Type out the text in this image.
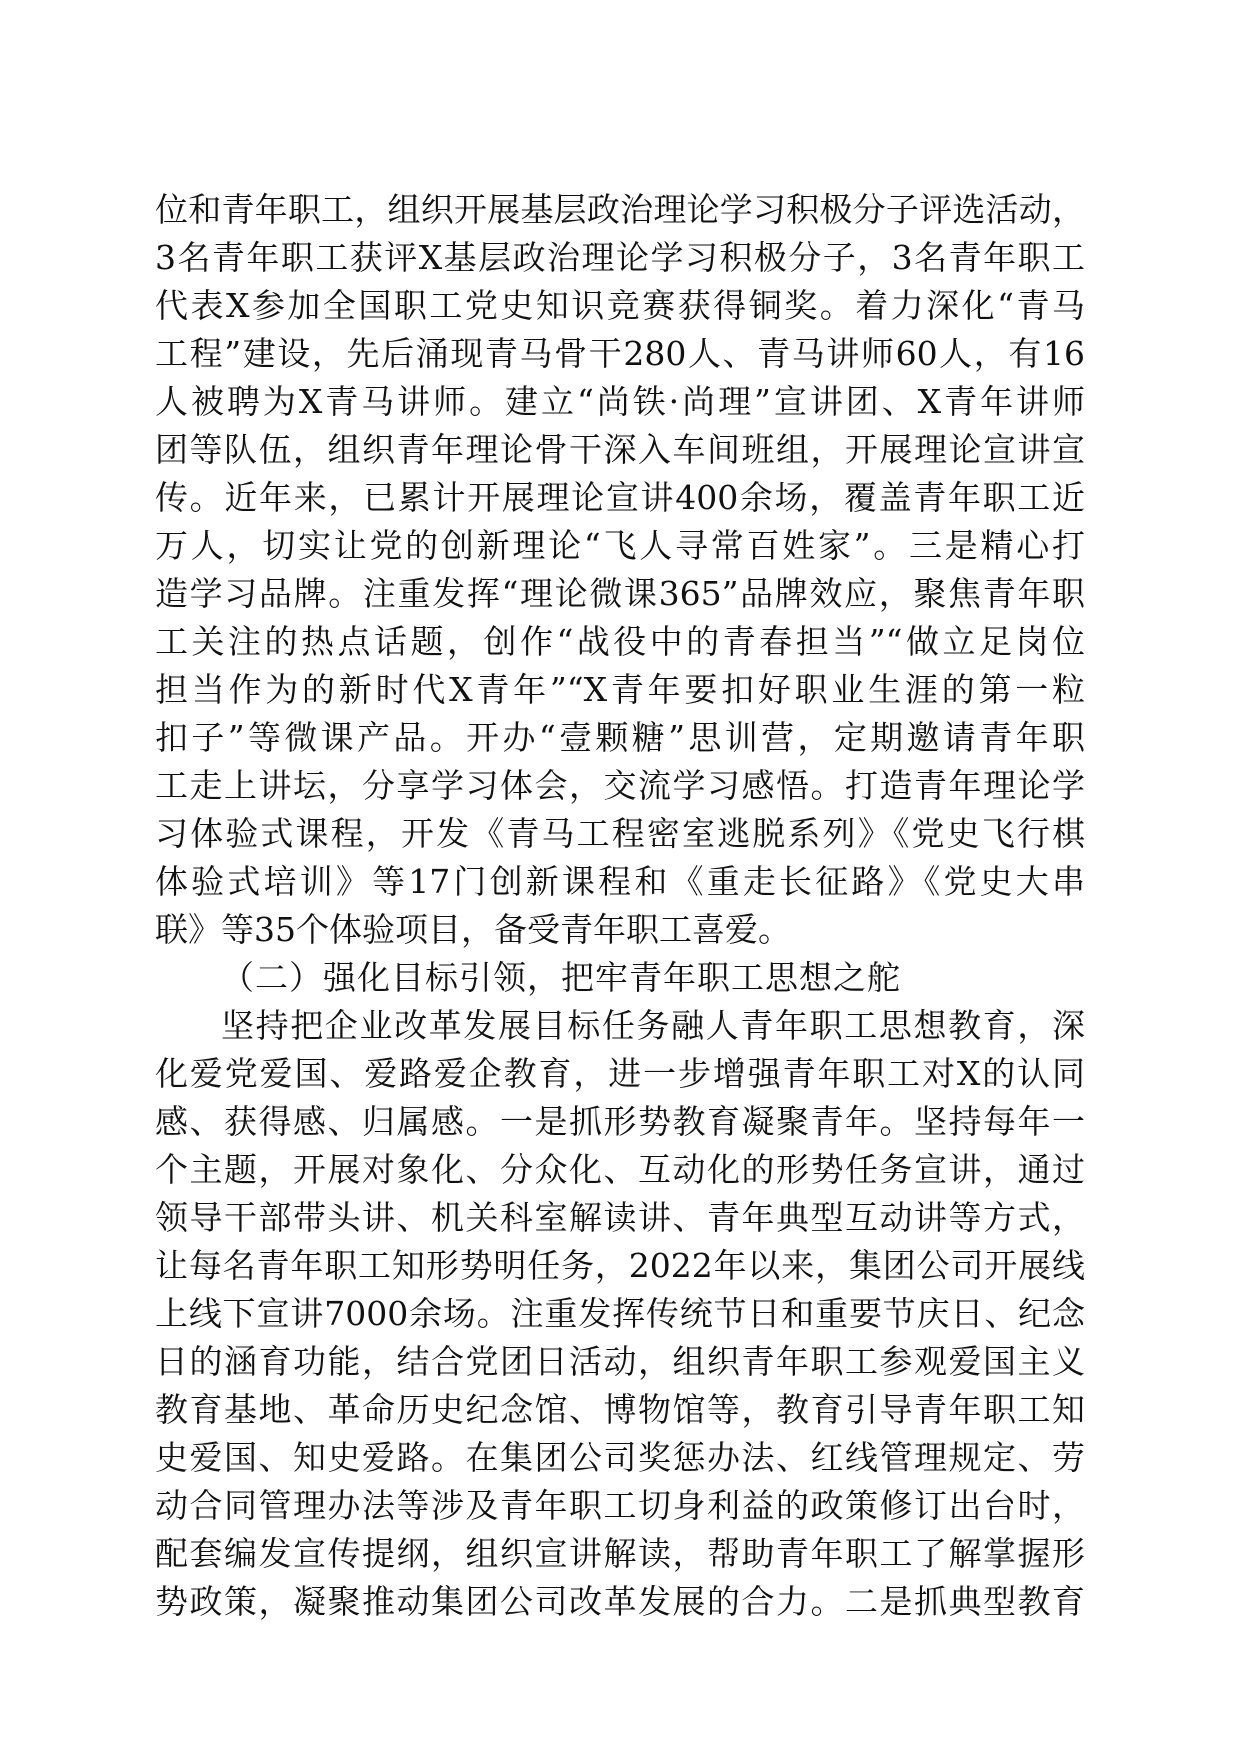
位和青年职工，组织开展基层政治理论学习积极分子评选活动，
3名青年职工获评X基层政治理论学习积极分子，3名青年职工
代表X参加全国职工党史知识竞赛获得铜奖。着力深化“青马
工程”建设，先后涌现青马骨干280人、青马讲师60人，有16
人被聘为X青马讲师。建立“尚铁·尚理”宣讲团、X青年讲师
团等队伍，组织青年理论骨干深入车间班组，开展理论宣讲宣
传。近年来，已累计开展理论宣讲400余场，覆盖青年职工近
万人，切实让党的创新理论“飞人寻常百姓家”。三是精心打
造学习品牌。注重发挥“理论微课365”品牌效应，聚焦青年职
工关注的热点话题，创作“战役中的青春担当”“做立足岗位
担当作为的新时代X青年”“X青年要扣好职业生涯的第一粒
扣子”等微课产品。开办“壹颗糖”思训营，定期邀请青年职
工走上讲坛，分享学习体会，交流学习感悟。打造青年理论学
习体验式课程，开发《青马工程密室逃脱系列》《党史飞行棋
体验式培训》等17门创新课程和《重走长征路》《党史大串
联》等35个体验项目，备受青年职工喜爱。
（二）强化目标引领，把牢青年职工思想之舵
坚持把企业改革发展目标任务融人青年职工思想教育，深
化爱党爱国、爱路爱企教育，进一步增强青年职工对X的认同
感、获得感、归属感。一是抓形势教育凝聚青年。坚持每年一
个主题，开展对象化、分众化、互动化的形势任务宣讲，通过
领导干部带头讲、机关科室解读讲、青年典型互动讲等方式，
让每名青年职工知形势明任务，2022年以来，集团公司开展线
上线下宣讲7000余场。注重发挥传统节日和重要节庆日、纪念
日的涵育功能，结合党团日活动，组织青年职工参观爱国主义
教育基地、革命历史纪念馆、博物馆等，教育引导青年职工知
史爱国、知史爱路。在集团公司奖惩办法、红线管理规定、劳
动合同管理办法等涉及青年职工切身利益的政策修订出台时，
配套编发宣传提纲，组织宣讲解读，帮助青年职工了解掌握形
势政策，凝聚推动集团公司改革发展的合力。二是抓典型教育
